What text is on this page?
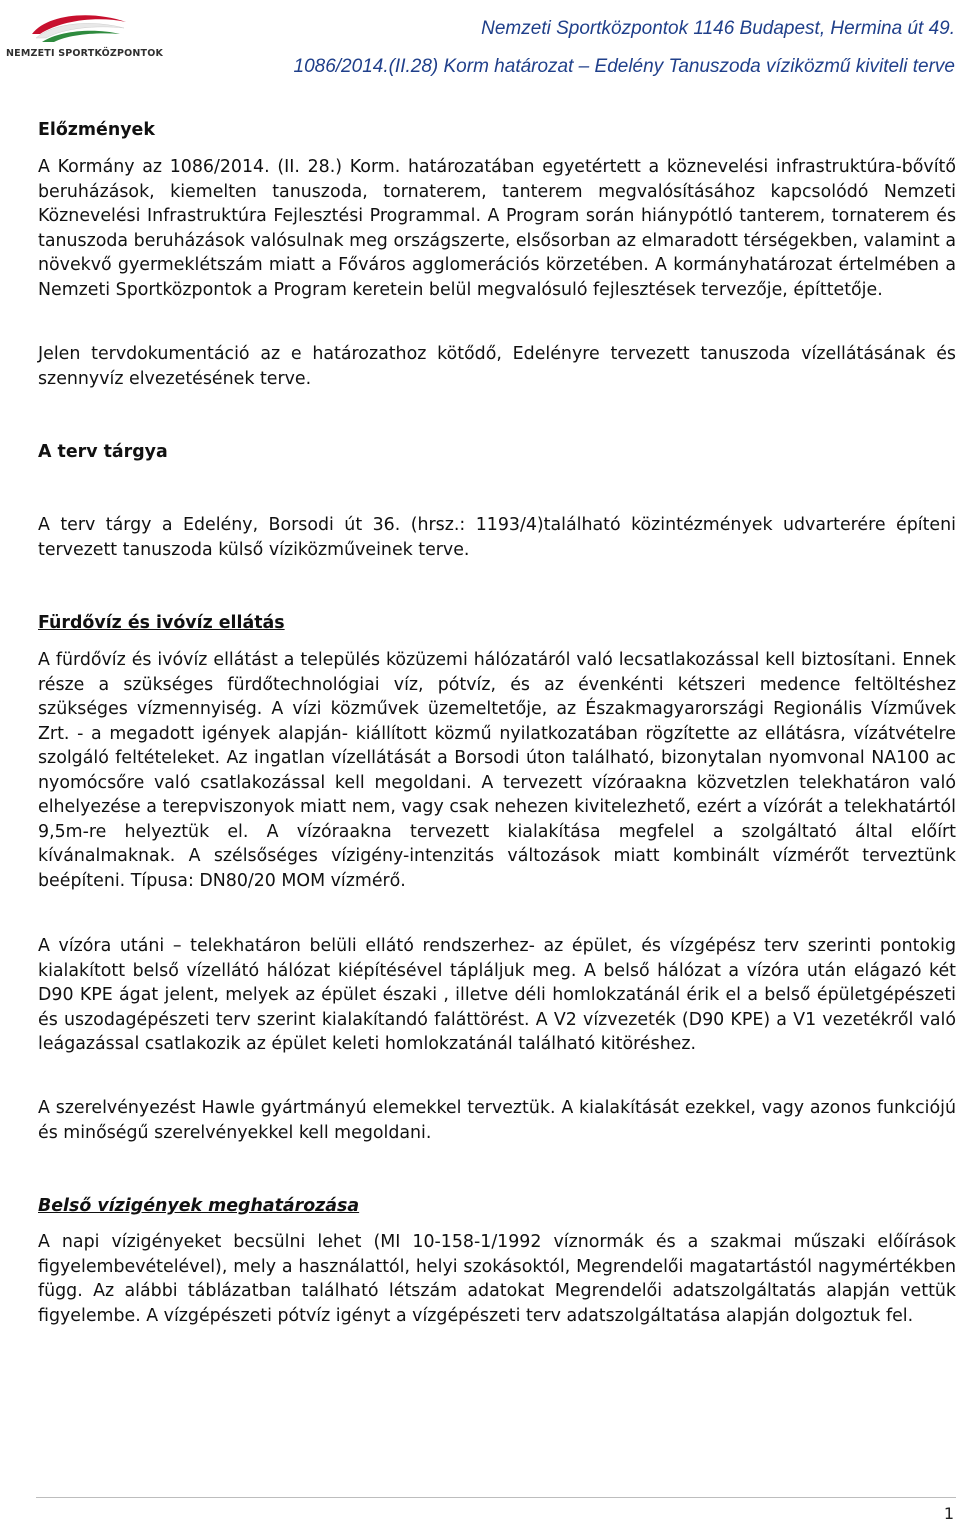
NEMZETI SPORTKÖZPONTOK
Nemzeti Sportközpontok 1146 Budapest, Hermina út 49.
1086/2014.(II.28) Korm határozat – Edelény Tanuszoda víziközmű kiviteli terve
Előzmények

A Kormány az 1086/2014. (II. 28.) Korm. határozatában egyetértett a köznevelési infrastruktúra-bővítő beruházások, kiemelten tanuszoda, tornaterem, tanterem megvalósításához kapcsolódó Nemzeti Köznevelési Infrastruktúra Fejlesztési Programmal. A Program során hiánypótló tanterem, tornaterem és tanuszoda beruházások valósulnak meg országszerte, elsősorban az elmaradott térségekben, valamint a növekvő gyermeklétszám miatt a Főváros agglomerációs körzetében. A kormányhatározat értelmében a Nemzeti Sportközpontok a Program keretein belül megvalósuló fejlesztések tervezője, építtetője.

Jelen tervdokumentáció az e határozathoz kötődő, Edelényre tervezett tanuszoda vízellátásának és szennyvíz elvezetésének terve.

A terv tárgya

A terv tárgy a Edelény, Borsodi út 36. (hrsz.: 1193/4)található közintézmények udvarterére építeni tervezett tanuszoda külső víziközműveinek terve.

Fürdővíz és ivóvíz ellátás

A fürdővíz és ivóvíz ellátást a település közüzemi hálózatáról való lecsatlakozással kell biztosítani. Ennek része a szükséges fürdőtechnológiai víz, pótvíz, és az évenkénti kétszeri medence feltöltéshez szükséges vízmennyiség. A vízi közművek üzemeltetője, az Északmagyarországi Regionális Vízművek Zrt. - a megadott igények alapján- kiállított közmű nyilatkozatában rögzítette az ellátásra, vízátvételre szolgáló feltételeket. Az ingatlan vízellátását a Borsodi úton található, bizonytalan nyomvonal NA100 ac nyomócsőre való csatlakozással kell megoldani. A tervezett vízóraakna közvetzlen telekhatáron való elhelyezése a terepviszonyok miatt nem, vagy csak nehezen kivitelezhető, ezért a vízórát a telekhatártól 9,5m-re helyeztük el. A vízóraakna tervezett kialakítása megfelel a szolgáltató által előírt kívánalmaknak. A szélsőséges vízigény-intenzitás változások miatt kombinált vízmérőt terveztünk beépíteni. Típusa: DN80/20 MOM vízmérő.

A vízóra utáni – telekhatáron belüli ellátó rendszerhez- az épület, és vízgépész terv szerinti pontokig kialakított belső vízellátó hálózat kiépítésével tápláljuk meg. A belső hálózat a vízóra után elágazó két D90 KPE ágat jelent, melyek az épület északi , illetve déli homlokzatánál érik el a belső épületgépészeti és uszodagépészeti terv szerint kialakítandó faláttörést. A V2 vízvezeték (D90 KPE) a V1 vezetékről való leágazással csatlakozik az épület keleti homlokzatánál található kitöréshez.

A szerelvényezést Hawle gyártmányú elemekkel terveztük. A kialakítását ezekkel, vagy azonos funkciójú és minőségű szerelvényekkel kell megoldani.

Belső vízigények meghatározása

A napi vízigényeket becsülni lehet (MI 10-158-1/1992 víznormák és a szakmai műszaki előírások figyelembevételével), mely a használattól, helyi szokásoktól, Megrendelői magatartástól nagymértékben függ. Az alábbi táblázatban található létszám adatokat Megrendelői adatszolgáltatás alapján vettük figyelembe. A vízgépészeti pótvíz igényt a vízgépészeti terv adatszolgáltatása alapján dolgoztuk fel.

1
